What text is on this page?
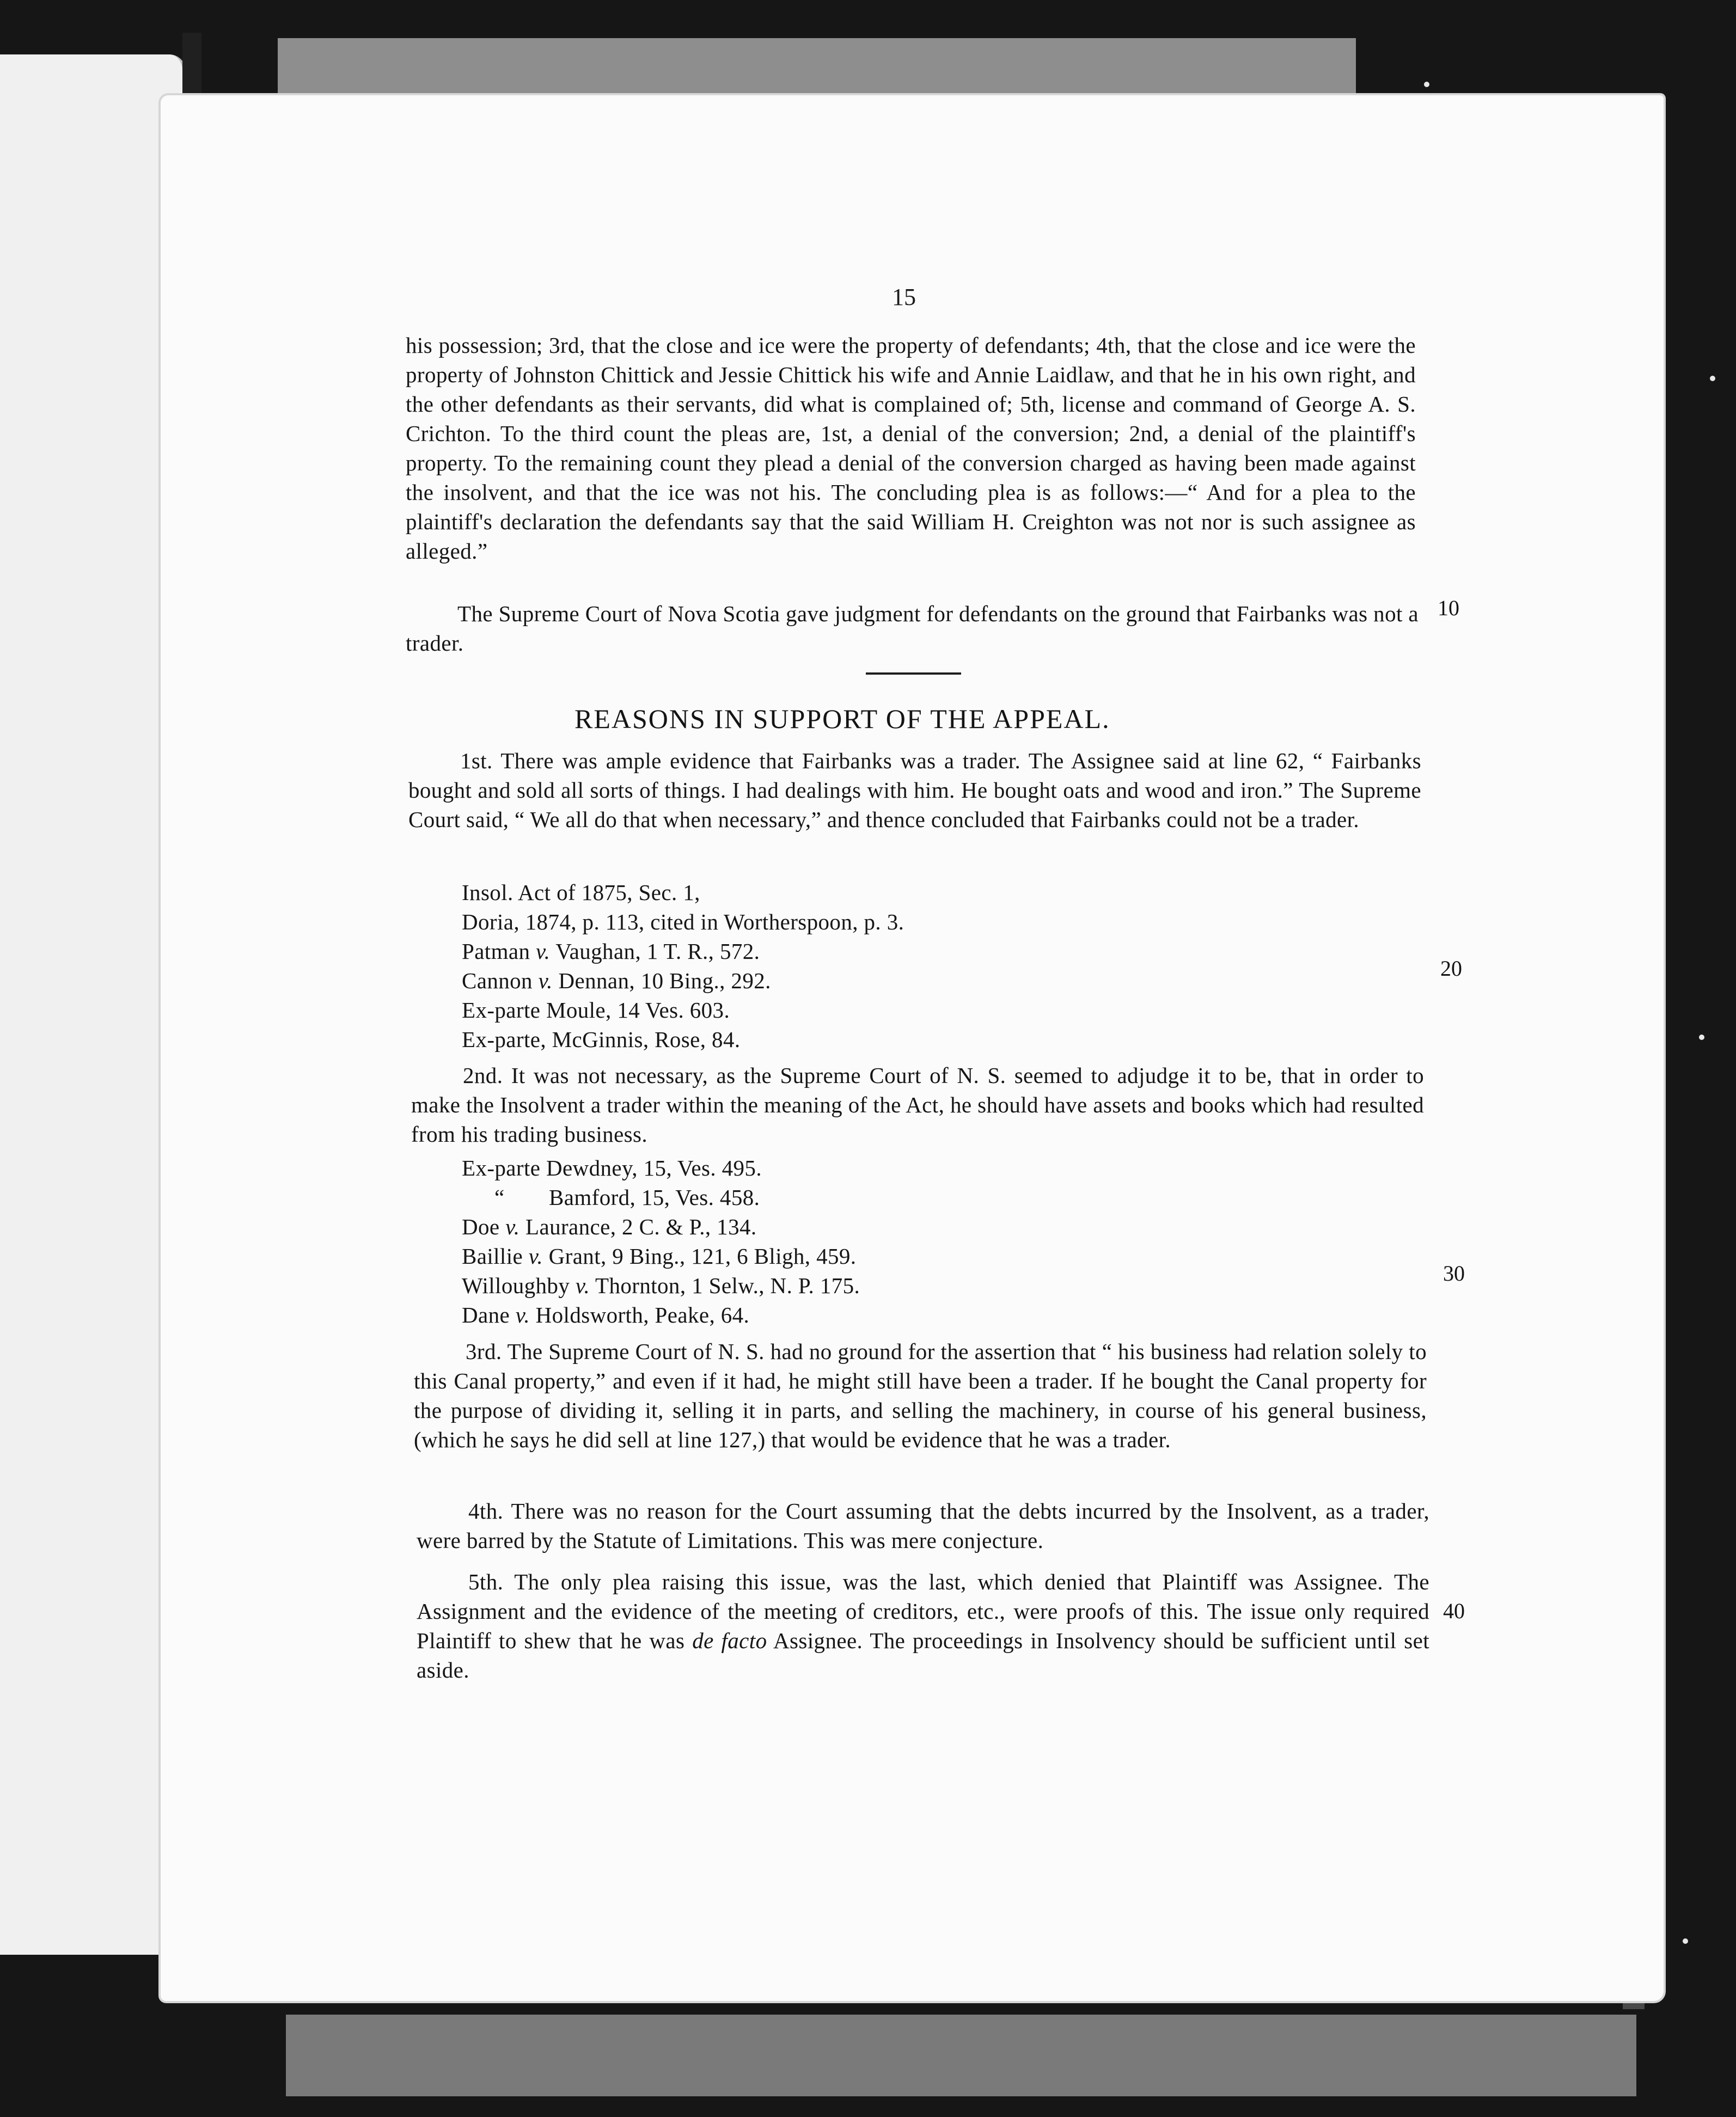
15

his possession; 3rd, that the close and ice were the property of defendants; 4th, that the close and ice were the property of Johnston Chittick and Jessie Chittick his wife and Annie Laidlaw, and that he in his own right, and the other defendants as their servants, did what is complained of; 5th, license and command of George A. S. Crichton. To the third count the pleas are, 1st, a denial of the conversion; 2nd, a denial of the plaintiff's property. To the remaining count they plead a denial of the conversion charged as having been made against the insolvent, and that the ice was not his. The concluding plea is as follows:—“ And for a plea to the plaintiff's declaration the defendants say that the said William H. Creighton was not nor is such assignee as alleged.”

The Supreme Court of Nova Scotia gave judgment for defendants on the ground that Fairbanks was not a trader.

REASONS IN SUPPORT OF THE APPEAL.

1st. There was ample evidence that Fairbanks was a trader. The Assignee said at line 62, “ Fairbanks bought and sold all sorts of things. I had dealings with him. He bought oats and wood and iron.” The Supreme Court said, “ We all do that when necessary,” and thence concluded that Fairbanks could not be a trader.

Insol. Act of 1875, Sec. 1,

Doria, 1874, p. 113, cited in Wortherspoon, p. 3.

Patman v. Vaughan, 1 T. R., 572.

Cannon v. Dennan, 10 Bing., 292.

Ex-parte Moule, 14 Ves. 603.

Ex-parte, McGinnis, Rose, 84.

2nd. It was not necessary, as the Supreme Court of N. S. seemed to adjudge it to be, that in order to make the Insolvent a trader within the meaning of the Act, he should have assets and books which had resulted from his trading business.

Ex-parte Dewdney, 15, Ves. 495.

“ Bamford, 15, Ves. 458.

Doe v. Laurance, 2 C. & P., 134.

Baillie v. Grant, 9 Bing., 121, 6 Bligh, 459.

Willoughby v. Thornton, 1 Selw., N. P. 175.

Dane v. Holdsworth, Peake, 64.

3rd. The Supreme Court of N. S. had no ground for the assertion that “ his business had relation solely to this Canal property,” and even if it had, he might still have been a trader. If he bought the Canal property for the purpose of dividing it, selling it in parts, and selling the machinery, in course of his general business, (which he says he did sell at line 127,) that would be evidence that he was a trader.

4th. There was no reason for the Court assuming that the debts incurred by the Insolvent, as a trader, were barred by the Statute of Limitations. This was mere conjecture.

5th. The only plea raising this issue, was the last, which denied that Plaintiff was Assignee. The Assignment and the evidence of the meeting of creditors, etc., were proofs of this. The issue only required Plaintiff to shew that he was de facto Assignee. The proceedings in Insolvency should be sufficient until set aside.

10
20
30
40
